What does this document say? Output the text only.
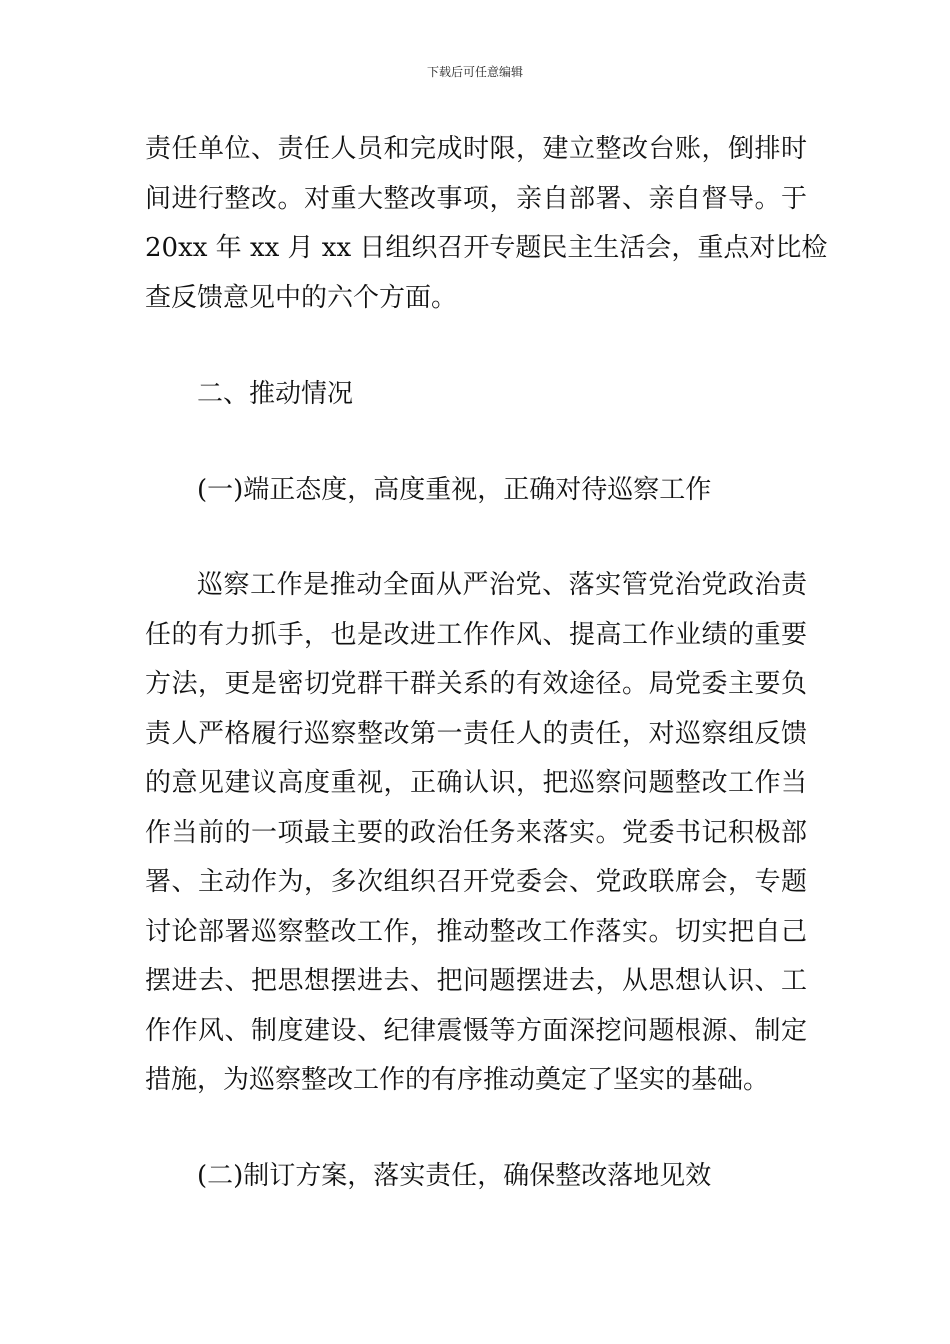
下载后可任意编辑
责任单位、责任人员和完成时限，建立整改台账，倒排时
间进行整改。对重大整改事项，亲自部署、亲自督导。于
20xx 年 xx 月 xx 日组织召开专题民主生活会，重点对比检
查反馈意见中的六个方面。
二、推动情况
(一)端正态度，高度重视，正确对待巡察工作
巡察工作是推动全面从严治党、落实管党治党政治责
任的有力抓手，也是改进工作作风、提高工作业绩的重要
方法，更是密切党群干群关系的有效途径。局党委主要负
责人严格履行巡察整改第一责任人的责任，对巡察组反馈
的意见建议高度重视，正确认识，把巡察问题整改工作当
作当前的一项最主要的政治任务来落实。党委书记积极部
署、主动作为，多次组织召开党委会、党政联席会，专题
讨论部署巡察整改工作，推动整改工作落实。切实把自己
摆进去、把思想摆进去、把问题摆进去，从思想认识、工
作作风、制度建设、纪律震慑等方面深挖问题根源、制定
措施，为巡察整改工作的有序推动奠定了坚实的基础。
(二)制订方案，落实责任，确保整改落地见效
